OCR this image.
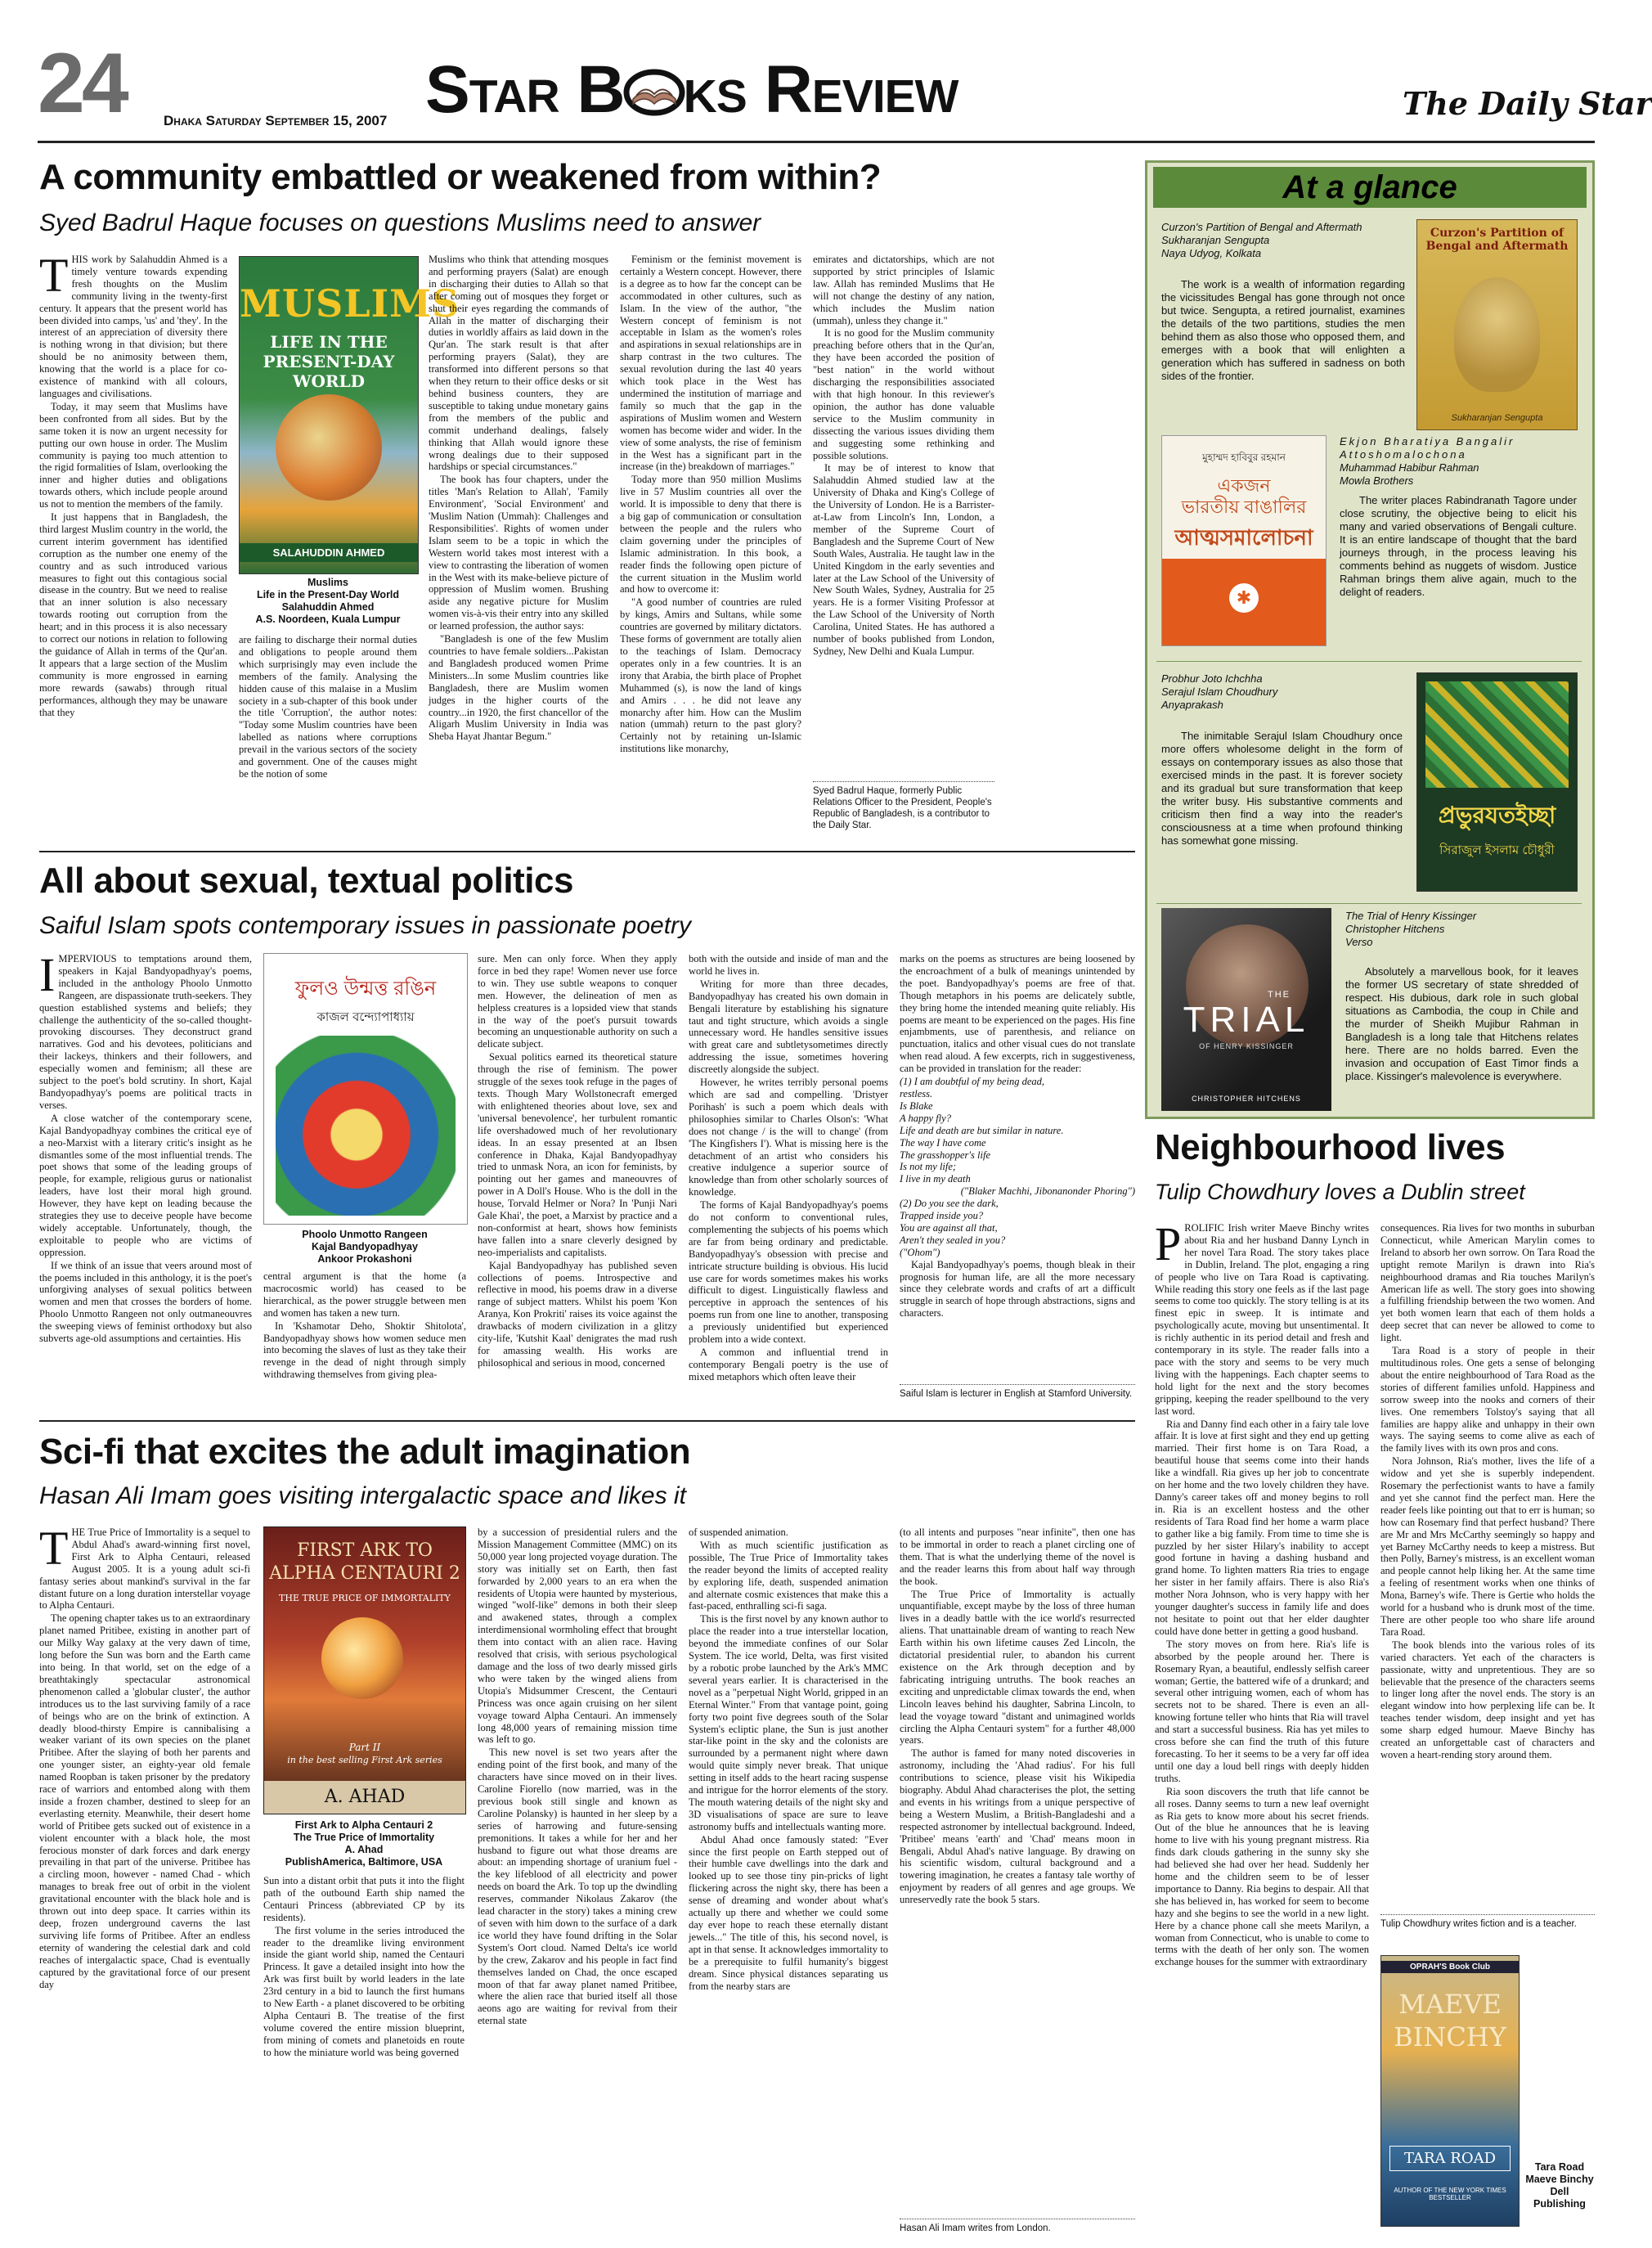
24	Dhaka Saturday September 15, 2007 Star B ks Review	The Daily Star
A community embattled or weakened from within?
Syed Badrul Haque focuses on questions Muslims need to answer
T HIS work by Salahuddin Ahmed is a timely venture towards expending fresh thoughts on the Muslim community living in the twenty-first century. It appears that the present world has been divided into camps, 'us' and 'they'. In the interest of an appreciation of diversity there is nothing wrong in that division; but there should be no animosity between them, knowing that the world is a place for co-existence of mankind with all colours, languages and civilisations.

Today, it may seem that Muslims have been confronted from all sides. But by the same token it is now an urgent necessity for putting our own house in order. The Muslim community is paying too much attention to the rigid formalities of Islam, overlooking the inner and higher duties and obligations towards others, which include people around us not to mention the members of the family.

It just happens that in Bangladesh, the third largest Muslim country in the world, the current interim government has identified corruption as the number one enemy of the country and as such introduced various measures to fight out this contagious social disease in the country. But we need to realise that an inner solution is also necessary towards rooting out corruption from the heart; and in this process it is also necessary to correct our notions in relation to following the guidance of Allah in terms of the Qur'an. It appears that a large section of the Muslim community is more engrossed in earning more rewards (sawabs) through ritual performances, although they may be unaware that they

MUSLIMS
LIFE IN THE PRESENT-DAY WORLD
SALAHUDDIN AHMED
Muslims
Life in the Present-Day World
Salahuddin Ahmed
A.S. Noordeen, Kuala Lumpur

are failing to discharge their normal duties and obligations to people around them which surprisingly may even include the members of the family. Analysing the hidden cause of this malaise in a Muslim society in a sub-chapter of this book under the title 'Corruption', the author notes: "Today some Muslim countries have been labelled as nations where corruptions prevail in the various sectors of the society and government. One of the causes might be the notion of some

Muslims who think that attending mosques and performing prayers (Salat) are enough in discharging their duties to Allah so that after coming out of mosques they forget or shut their eyes regarding the commands of Allah in the matter of discharging their duties in worldly affairs as laid down in the Qur'an. The stark result is that after performing prayers (Salat), they are transformed into different persons so that when they return to their office desks or sit behind business counters, they are susceptible to taking undue monetary gains from the members of the public and commit underhand dealings, falsely thinking that Allah would ignore these wrong dealings due to their supposed hardships or special circumstances."

The book has four chapters, under the titles 'Man's Relation to Allah', 'Family Environment', 'Social Environment' and 'Muslim Nation (Ummah): Challenges and Responsibilities'. Rights of women under Islam seem to be a topic in which the Western world takes most interest with a view to contrasting the liberation of women in the West with its make-believe picture of oppression of Muslim women. Brushing aside any negative picture for Muslim women vis-à-vis their entry into any skilled or learned profession, the author says:

"Bangladesh is one of the few Muslim countries to have female soldiers...Pakistan and Bangladesh produced women Prime Ministers...In some Muslim countries like Bangladesh, there are Muslim women judges in the higher courts of the country...in 1920, the first chancellor of the Aligarh Muslim University in India was Sheba Hayat Jhantar Begum."

Feminism or the feminist movement is certainly a Western concept. However, there is a degree as to how far the concept can be accommodated in other cultures, such as Islam. In the view of the author, "the Western concept of feminism is not acceptable in Islam as the women's roles and aspirations in sexual relationships are in sharp contrast in the two cultures. The sexual revolution during the last 40 years which took place in the West has undermined the institution of marriage and family so much that the gap in the aspirations of Muslim women and Western women has become wider and wider. In the view of some analysts, the rise of feminism in the West has a significant part in the increase (in the) breakdown of marriages."

Today more than 950 million Muslims live in 57 Muslim countries all over the world. It is impossible to deny that there is a big gap of communication or consultation between the people and the rulers who claim governing under the principles of Islamic administration. In this book, a reader finds the following open picture of the current situation in the Muslim world and how to overcome it:

"A good number of countries are ruled by kings, Amirs and Sultans, while some countries are governed by military dictators. These forms of government are totally alien to the teachings of Islam. Democracy operates only in a few countries. It is an irony that Arabia, the birth place of Prophet Muhammed (s), is now the land of kings and Amirs . . . he did not leave any monarchy after him. How can the Muslim nation (ummah) return to the past glory? Certainly not by retaining un-Islamic institutions like monarchy,

emirates and dictatorships, which are not supported by strict principles of Islamic law. Allah has reminded Muslims that He will not change the destiny of any nation, which includes the Muslim nation (ummah), unless they change it."

It is no good for the Muslim community preaching before others that in the Qur'an, they have been accorded the position of "best nation" in the world without discharging the responsibilities associated with that high honour. In this reviewer's opinion, the author has done valuable service to the Muslim community in dissecting the various issues dividing them and suggesting some rethinking and possible solutions.

It may be of interest to know that Salahuddin Ahmed studied law at the University of Dhaka and King's College of the University of London. He is a Barrister-at-Law from Lincoln's Inn, London, a member of the Supreme Court of Bangladesh and the Supreme Court of New South Wales, Australia. He taught law in the United Kingdom in the early seventies and later at the Law School of the University of New South Wales, Sydney, Australia for 25 years. He is a former Visiting Professor at the Law School of the University of North Carolina, United States. He has authored a number of books published from London, Sydney, New Delhi and Kuala Lumpur.

Syed Badrul Haque, formerly Public Relations Officer to the President, People's Republic of Bangladesh, is a contributor to the Daily Star.
At a glance
Curzon's Partition of Bengal and Aftermath
Sukharanjan Sengupta
Naya Udyog, Kolkata

The work is a wealth of information regarding the vicissitudes Bengal has gone through not once but twice. Sengupta, a retired journalist, examines the details of the two partitions, studies the men behind them as also those who opposed them, and emerges with a book that will enlighten a generation which has suffered in sadness on both sides of the frontier.

Curzon's Partition of Bengal and Aftermath
Sukharanjan Sengupta
মুহাম্মদ হাবিবুর রহমান
একজন
ভারতীয় বাঙালির
আত্মসমালোচনা
✱
Ekjon Bharatiya Bangalir Attoshomalochona
Muhammad Habibur Rahman
Mowla Brothers

The writer places Rabindranath Tagore under close scrutiny, the objective being to elicit his many and varied observations of Bengali culture. It is an entire landscape of thought that the bard journeys through, in the process leaving his comments behind as nuggets of wisdom. Justice Rahman brings them alive again, much to the delight of readers.

Probhur Joto Ichchha
Serajul Islam Choudhury
Anyaprakash

The inimitable Serajul Islam Choudhury once more offers wholesome delight in the form of essays on contemporary issues as also those that exercised minds in the past. It is forever society and its gradual but sure transformation that keep the writer busy. His substantive comments and criticism then find a way into the reader's consciousness at a time when profound thinking has somewhat gone missing.

প্রভুরযতইচ্ছা
সিরাজুল ইসলাম চৌধুরী
THE
TRIAL
OF HENRY KISSINGER
CHRISTOPHER HITCHENS
The Trial of Henry Kissinger
Christopher Hitchens
Verso

Absolutely a marvellous book, for it leaves the former US secretary of state shredded of respect. His dubious, dark role in such global situations as Cambodia, the coup in Chile and the murder of Sheikh Mujibur Rahman in Bangladesh is a long tale that Hitchens relates here. There are no holds barred. Even the invasion and occupation of East Timor finds a place. Kissinger's malevolence is everywhere.

All about sexual, textual politics
Saiful Islam spots contemporary issues in passionate poetry
I MPERVIOUS to temptations around them, speakers in Kajal Bandyopadhyay's poems, included in the anthology Phoolo Unmotto Rangeen, are dispassionate truth-seekers. They question established systems and beliefs; they challenge the authenticity of the so-called thought-provoking discourses. They deconstruct grand narratives. God and his devotees, politicians and their lackeys, thinkers and their followers, and especially women and feminism; all these are subject to the poet's bold scrutiny. In short, Kajal Bandyopadhyay's poems are political tracts in verses.

A close watcher of the contemporary scene, Kajal Bandyopadhyay combines the critical eye of a neo-Marxist with a literary critic's insight as he dismantles some of the most influential trends. The poet shows that some of the leading groups of people, for example, religious gurus or nationalist leaders, have lost their moral high ground. However, they have kept on leading because the strategies they use to deceive people have become widely acceptable. Unfortunately, though, the exploitable to people who are victims of oppression.

If we think of an issue that veers around most of the poems included in this anthology, it is the poet's unforgiving analyses of sexual politics between women and men that crosses the borders of home. Phoolo Unmotto Rangeen not only outmaneouvres the sweeping views of feminist orthodoxy but also subverts age-old assumptions and certainties. His

ফুলও উন্মত্ত রঙিন
কাজল বন্দ্যোপাধ্যায়
Phoolo Unmotto Rangeen
Kajal Bandyopadhyay
Ankoor Prokashoni

central argument is that the home (a macrocosmic world) has ceased to be hierarchical, as the power struggle between men and women has taken a new turn.

In 'Kshamotar Deho, Shoktir Shitolota', Bandyopadhyay shows how women seduce men into becoming the slaves of lust as they take their revenge in the dead of night through simply withdrawing themselves from giving plea-

sure. Men can only force. When they apply force in bed they rape! Women never use force to win. They use subtle weapons to conquer men. However, the delineation of men as helpless creatures is a lopsided view that stands in the way of the poet's pursuit towards becoming an unquestionable authority on such a delicate subject.

Sexual politics earned its theoretical stature through the rise of feminism. The power struggle of the sexes took refuge in the pages of texts. Though Mary Wollstonecraft emerged with enlightened theories about love, sex and 'universal benevolence', her turbulent romantic life overshadowed much of her revolutionary ideas. In an essay presented at an Ibsen conference in Dhaka, Kajal Bandyopadhyay tried to unmask Nora, an icon for feminists, by pointing out her games and maneouvres of power in A Doll's House. Who is the doll in the house, Torvald Helmer or Nora? In 'Punji Nari Gale Khai', the poet, a Marxist by practice and a non-conformist at heart, shows how feminists have fallen into a snare cleverly designed by neo-imperialists and capitalists.

Kajal Bandyopadhyay has published seven collections of poems. Introspective and reflective in mood, his poems draw in a diverse range of subject matters. Whilst his poem 'Kon Aranya, Kon Prokriti' raises its voice against the drawbacks of modern civilization in a glitzy city-life, 'Kutshit Kaal' denigrates the mad rush for amassing wealth. His works are philosophical and serious in mood, concerned

both with the outside and inside of man and the world he lives in.

Writing for more than three decades, Bandyopadhyay has created his own domain in Bengali literature by establishing his signature taut and tight structure, which avoids a single unnecessary word. He handles sensitive issues with great care and subtletysometimes directly addressing the issue, sometimes hovering discreetly alongside the subject.

However, he writes terribly personal poems which are sad and compelling. 'Dristyer Porihash' is such a poem which deals with philosophies similar to Charles Olson's: 'What does not change / is the will to change' (from 'The Kingfishers I'). What is missing here is the detachment of an artist who considers his creative indulgence a superior source of knowledge than from other scholarly sources of knowledge.

The forms of Kajal Bandyopadhyay's poems do not conform to conventional rules, complementing the subjects of his poems which are far from being ordinary and predictable. Bandyopadhyay's obsession with precise and intricate structure building is obvious. His lucid use care for words sometimes makes his works difficult to digest. Linguistically flawless and perceptive in approach the sentences of his poems run from one line to another, transposing a previously unidentified but experienced problem into a wide context.

A common and influential trend in contemporary Bengali poetry is the use of mixed metaphors which often leave their

marks on the poems as structures are being loosened by the encroachment of a bulk of meanings unintended by the poet. Bandyopadhyay's poems are free of that. Though metaphors in his poems are delicately subtle, they bring home the intended meaning quite reliably. His poems are meant to be experienced on the pages. His fine enjambments, use of parenthesis, and reliance on punctuation, italics and other visual cues do not translate when read aloud. A few excerpts, rich in suggestiveness, can be provided in translation for the reader:

(1) I am doubtful of my being dead,
restless.
Is Blake
A happy fly?
Life and death are but similar in nature.
The way I have come
The grasshopper's life
Is not my life;
I live in my death
("Blaker Machhi, Jibonanonder Phoring")
(2) Do you see the dark,
Trapped inside you?
You are against all that,
Aren't they sealed in you?
("Ohom")

Kajal Bandyopadhyay's poems, though bleak in their prognosis for human life, are all the more necessary since they celebrate words and crafts of art a difficult struggle in search of hope through abstractions, signs and characters.

Saiful Islam is lecturer in English at Stamford University.
Neighbourhood lives
Tulip Chowdhury loves a Dublin street
P ROLIFIC Irish writer Maeve Binchy writes about Ria and her husband Danny Lynch in her novel Tara Road. The story takes place in Dublin, Ireland. The plot, engaging a ring of people who live on Tara Road is captivating. While reading this story one feels as if the last page seems to come too quickly. The story telling is at its finest epic in sweep. It is intimate and psychologically acute, moving but unsentimental. It is richly authentic in its period detail and fresh and contemporary in its style. The reader falls into a pace with the story and seems to be very much living with the happenings. Each chapter seems to hold light for the next and the story becomes gripping, keeping the reader spellbound to the very last word.

Ria and Danny find each other in a fairy tale love affair. It is love at first sight and they end up getting married. Their first home is on Tara Road, a beautiful house that seems come into their hands like a windfall. Ria gives up her job to concentrate on her home and the two lovely children they have. Danny's career takes off and money begins to roll in. Ria is an excellent hostess and the other residents of Tara Road find her home a warm place to gather like a big family. From time to time she is puzzled by her sister Hilary's inability to accept good fortune in having a dashing husband and grand home. To lighten matters Ria tries to engage her sister in her family affairs. There is also Ria's mother Nora Johnson, who is very happy with her younger daughter's success in family life and does not hesitate to point out that her elder daughter could have done better in getting a good husband.

The story moves on from here. Ria's life is absorbed by the people around her. There is Rosemary Ryan, a beautiful, endlessly selfish career woman; Gertie, the battered wife of a drunkard; and several other intriguing women, each of whom has secrets not to be shared. There is even an all-knowing fortune teller who hints that Ria will travel and start a successful business. Ria has yet miles to cross before she can find the truth of this future forecasting. To her it seems to be a very far off idea until one day a loud bell rings with deeply hidden truths.

Ria soon discovers the truth that life cannot be all roses. Danny seems to turn a new leaf overnight as Ria gets to know more about his secret friends. Out of the blue he announces that he is leaving home to live with his young pregnant mistress. Ria finds dark clouds gathering in the sunny sky she had believed she had over her head. Suddenly her home and the children seem to be of lesser importance to Danny. Ria begins to despair. All that she has believed in, has worked for seem to become hazy and she begins to see the world in a new light. Here by a chance phone call she meets Marilyn, a woman from Connecticut, who is unable to come to terms with the death of her only son. The women exchange houses for the summer with extraordinary

consequences. Ria lives for two months in suburban Connecticut, while American Marylin comes to Ireland to absorb her own sorrow. On Tara Road the uptight remote Marilyn is drawn into Ria's neighbourhood dramas and Ria touches Marilyn's American life as well. The story goes into showing a fulfilling friendship between the two women. And yet both women learn that each of them holds a deep secret that can never be allowed to come to light.

Tara Road is a story of people in their multitudinous roles. One gets a sense of belonging about the entire neighbourhood of Tara Road as the stories of different families unfold. Happiness and sorrow sweep into the nooks and corners of their lives. One remembers Tolstoy's saying that all families are happy alike and unhappy in their own ways. The saying seems to come alive as each of the family lives with its own pros and cons.

Nora Johnson, Ria's mother, lives the life of a widow and yet she is superbly independent. Rosemary the perfectionist wants to have a family and yet she cannot find the perfect man. Here the reader feels like pointing out that to err is human; so how can Rosemary find that perfect husband? There are Mr and Mrs McCarthy seemingly so happy and yet Barney McCarthy needs to keep a mistress. But then Polly, Barney's mistress, is an excellent woman and people cannot help liking her. At the same time a feeling of resentment works when one thinks of Mona, Barney's wife. There is Gertie who holds the world for a husband who is drunk most of the time. There are other people too who share life around Tara Road.

The book blends into the various roles of its varied characters. Yet each of the characters is passionate, witty and unpretentious. They are so believable that the presence of the characters seems to linger long after the novel ends. The story is an elegant window into how perplexing life can be. It teaches tender wisdom, deep insight and yet has some sharp edged humour. Maeve Binchy has created an unforgettable cast of characters and woven a heart-rending story around them.

Tulip Chowdhury writes fiction and is a teacher.
OPRAH'S Book Club
MAEVE
BINCHY
TARA ROAD
AUTHOR OF THE NEW YORK TIMES BESTSELLER
Tara Road
Maeve Binchy
Dell
Publishing
Sci-fi that excites the adult imagination
Hasan Ali Imam goes visiting intergalactic space and likes it
T HE True Price of Immortality is a sequel to Abdul Ahad's award-winning first novel, First Ark to Alpha Centauri, released August 2005. It is a young adult sci-fi fantasy series about mankind's survival in the far distant future on a long duration interstellar voyage to Alpha Centauri.

The opening chapter takes us to an extraordinary planet named Pritibee, existing in another part of our Milky Way galaxy at the very dawn of time, long before the Sun was born and the Earth came into being. In that world, set on the edge of a breathtakingly spectacular astronomical phenomenon called a 'globular cluster', the author introduces us to the last surviving family of a race of beings who are on the brink of extinction. A deadly blood-thirsty Empire is cannibalising a weaker variant of its own species on the planet Pritibee. After the slaying of both her parents and one younger sister, an eighty-year old female named Roopban is taken prisoner by the predatory race of warriors and entombed along with them inside a frozen chamber, destined to sleep for an everlasting eternity. Meanwhile, their desert home world of Pritibee gets sucked out of existence in a violent encounter with a black hole, the most ferocious monster of dark forces and dark energy prevailing in that part of the universe. Pritibee has a circling moon, however - named Chad - which manages to break free out of orbit in the violent gravitational encounter with the black hole and is thrown out into deep space. It carries within its deep, frozen underground caverns the last surviving life forms of Pritibee. After an endless eternity of wandering the celestial dark and cold reaches of intergalactic space, Chad is eventually captured by the gravitational force of our present day

FIRST ARK TO
ALPHA CENTAURI 2
THE TRUE PRICE OF IMMORTALITY
Part II
in the best selling First Ark series
A. AHAD
First Ark to Alpha Centauri 2
The True Price of Immortality
A. Ahad
PublishAmerica, Baltimore, USA

Sun into a distant orbit that puts it into the flight path of the outbound Earth ship named the Centauri Princess (abbreviated CP by its residents).

The first volume in the series introduced the reader to the dreamlike living environment inside the giant world ship, named the Centauri Princess. It gave a detailed insight into how the Ark was first built by world leaders in the late 23rd century in a bid to launch the first humans to New Earth - a planet discovered to be orbiting Alpha Centauri B. The treatise of the first volume covered the entire mission blueprint, from mining of comets and planetoids en route to how the miniature world was being governed

by a succession of presidential rulers and the Mission Management Committee (MMC) on its 50,000 year long projected voyage duration. The story was initially set on Earth, then fast forwarded by 2,000 years to an era when the residents of Utopia were haunted by mysterious, winged "wolf-like" demons in both their sleep and awakened states, through a complex interdimensional wormholing effect that brought them into contact with an alien race. Having resolved that crisis, with serious psychological damage and the loss of two dearly missed girls who were taken by the winged aliens from Utopia's Midsummer Crescent, the Centauri Princess was once again cruising on her silent voyage toward Alpha Centauri. An immensely long 48,000 years of remaining mission time was left to go.

This new novel is set two years after the ending point of the first book, and many of the characters have since moved on in their lives. Caroline Fiorello (now married, was in the previous book still single and known as Caroline Polansky) is haunted in her sleep by a series of harrowing and future-sensing premonitions. It takes a while for her and her husband to figure out what those dreams are about: an impending shortage of uranium fuel - the key lifeblood of all electricity and power needs on board the Ark. To top up the dwindling reserves, commander Nikolaus Zakarov (the lead character in the story) takes a mining crew of seven with him down to the surface of a dark ice world they have found drifting in the Solar System's Oort cloud. Named Delta's ice world by the crew, Zakarov and his people in fact find themselves landed on Chad, the once escaped moon of that far away planet named Pritibee, where the alien race that buried itself all those aeons ago are waiting for revival from their eternal state

of suspended animation.

With as much scientific justification as possible, The True Price of Immortality takes the reader beyond the limits of accepted reality by exploring life, death, suspended animation and alternate cosmic existences that make this a fast-paced, enthralling sci-fi saga.

This is the first novel by any known author to place the reader into a true interstellar location, beyond the immediate confines of our Solar System. The ice world, Delta, was first visited by a robotic probe launched by the Ark's MMC several years earlier. It is characterised in the novel as a "perpetual Night World, gripped in an Eternal Winter." From that vantage point, going forty two point five degrees south of the Solar System's ecliptic plane, the Sun is just another star-like point in the sky and the colonists are surrounded by a permanent night where dawn would quite simply never break. That unique setting in itself adds to the heart racing suspense and intrigue for the horror elements of the story. The mouth watering details of the night sky and 3D visualisations of space are sure to leave astronomy buffs and intellectuals wanting more.

Abdul Ahad once famously stated: "Ever since the first people on Earth stepped out of their humble cave dwellings into the dark and looked up to see those tiny pin-pricks of light flickering across the night sky, there has been a sense of dreaming and wonder about what's actually up there and whether we could some day ever hope to reach these eternally distant jewels..." The title of this, his second novel, is apt in that sense. It acknowledges immortality to be a prerequisite to fulfil humanity's biggest dream. Since physical distances separating us from the nearby stars are

(to all intents and purposes "near infinite", then one has to be immortal in order to reach a planet circling one of them. That is what the underlying theme of the novel is and the reader learns this from about half way through the book.

The True Price of Immortality is actually unquantifiable, except maybe by the loss of three human lives in a deadly battle with the ice world's resurrected aliens. That unattainable dream of wanting to reach New Earth within his own lifetime causes Zed Lincoln, the dictatorial presidential ruler, to abandon his current existence on the Ark through deception and by fabricating intriguing untruths. The book reaches an exciting and unpredictable climax towards the end, when Lincoln leaves behind his daughter, Sabrina Lincoln, to lead the voyage toward "distant and unimagined worlds circling the Alpha Centauri system" for a further 48,000 years.

The author is famed for many noted discoveries in astronomy, including the 'Ahad radius'. For his full contributions to science, please visit his Wikipedia biography. Abdul Ahad characterises the plot, the setting and events in his writings from a unique perspective of being a Western Muslim, a British-Bangladeshi and a respected astronomer by intellectual background. Indeed, 'Pritibee' means 'earth' and 'Chad' means moon in Bengali, Abdul Ahad's native language. By drawing on his scientific wisdom, cultural background and a towering imagination, he creates a fantasy tale worthy of enjoyment by readers of all genres and age groups. We unreservedly rate the book 5 stars.

Hasan Ali Imam writes from London.
